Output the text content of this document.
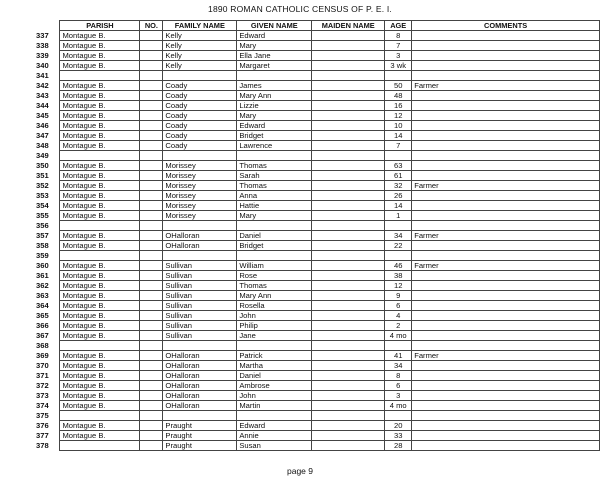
1890 ROMAN CATHOLIC CENSUS OF P. E. I.
	PARISH	NO.	FAMILY NAME	GIVEN NAME	MAIDEN NAME	AGE	COMMENTS
337	Montague B.		Kelly	Edward		8	
338	Montague B.		Kelly	Mary		7	
339	Montague B.		Kelly	Ella Jane		3	
340	Montague B.		Kelly	Margaret		3 wk	
341							
342	Montague B.		Coady	James		50	Farmer
343	Montague B.		Coady	Mary Ann		48	
344	Montague B.		Coady	Lizzie		16	
345	Montague B.		Coady	Mary		12	
346	Montague B.		Coady	Edward		10	
347	Montague B.		Coady	Bridget		14	
348	Montague B.		Coady	Lawrence		7	
349							
350	Montague B.		Morissey	Thomas		63	
351	Montague B.		Morissey	Sarah		61	
352	Montague B.		Morissey	Thomas		32	Farmer
353	Montague B.		Morissey	Anna		26	
354	Montague B.		Morissey	Hattie		14	
355	Montague B.		Morissey	Mary		1	
356							
357	Montague B.		OHalloran	Daniel		34	Farmer
358	Montague B.		OHalloran	Bridget		22	
359							
360	Montague B.		Sullivan	William		46	Farmer
361	Montague B.		Sullivan	Rose		38	
362	Montague B.		Sullivan	Thomas		12	
363	Montague B.		Sullivan	Mary Ann		9	
364	Montague B.		Sullivan	Rosella		6	
365	Montague B.		Sullivan	John		4	
366	Montague B.		Sullivan	Philip		2	
367	Montague B.		Sullivan	Jane		4 mo	
368							
369	Montague B.		OHalloran	Patrick		41	Farmer
370	Montague B.		OHalloran	Martha		34	
371	Montague B.		OHalloran	Daniel		8	
372	Montague B.		OHalloran	Ambrose		6	
373	Montague B.		OHalloran	John		3	
374	Montague B.		OHalloran	Martin		4 mo	
375							
376	Montague B.		Praught	Edward		20	
377	Montague B.		Praught	Annie		33	
378			Praught	Susan		28	
page 9
